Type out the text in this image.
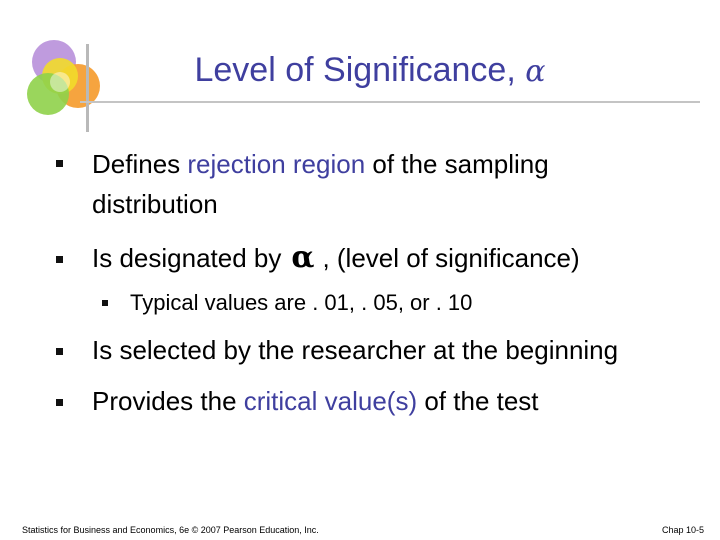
Level of Significance, α
Defines rejection region of the sampling
distribution
Is designated by α , (level of significance)
Typical values are . 01, . 05, or . 10
Is selected by the researcher at the beginning
Provides the critical value(s) of the test
Statistics for Business and Economics, 6e © 2007 Pearson Education, Inc.	Chap 10-5
